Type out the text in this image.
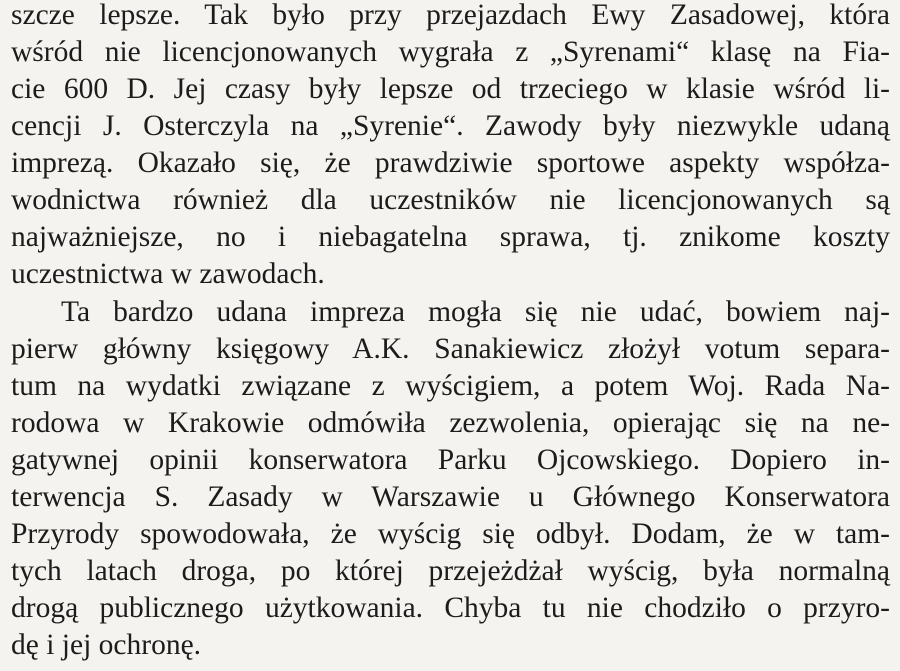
szcze lepsze. Tak było przy przejazdach Ewy Zasadowej, która
wśród nie licencjonowanych wygrała z „Syrenami“ klasę na Fia-
cie 600 D. Jej czasy były lepsze od trzeciego w klasie wśród li-
cencji J. Osterczyla na „Syrenie“. Zawody były niezwykle udaną
imprezą. Okazało się, że prawdziwie sportowe aspekty współza-
wodnictwa również dla uczestników nie licencjonowanych są
najważniejsze, no i niebagatelna sprawa, tj. znikome koszty
uczestnictwa w zawodach.
Ta bardzo udana impreza mogła się nie udać, bowiem naj-
pierw główny księgowy A.K. Sanakiewicz złożył votum separa-
tum na wydatki związane z wyścigiem, a potem Woj. Rada Na-
rodowa w Krakowie odmówiła zezwolenia, opierając się na ne-
gatywnej opinii konserwatora Parku Ojcowskiego. Dopiero in-
terwencja S. Zasady w Warszawie u Głównego Konserwatora
Przyrody spowodowała, że wyścig się odbył. Dodam, że w tam-
tych latach droga, po której przejeżdżał wyścig, była normalną
drogą publicznego użytkowania. Chyba tu nie chodziło o przyro-
dę i jej ochronę.
